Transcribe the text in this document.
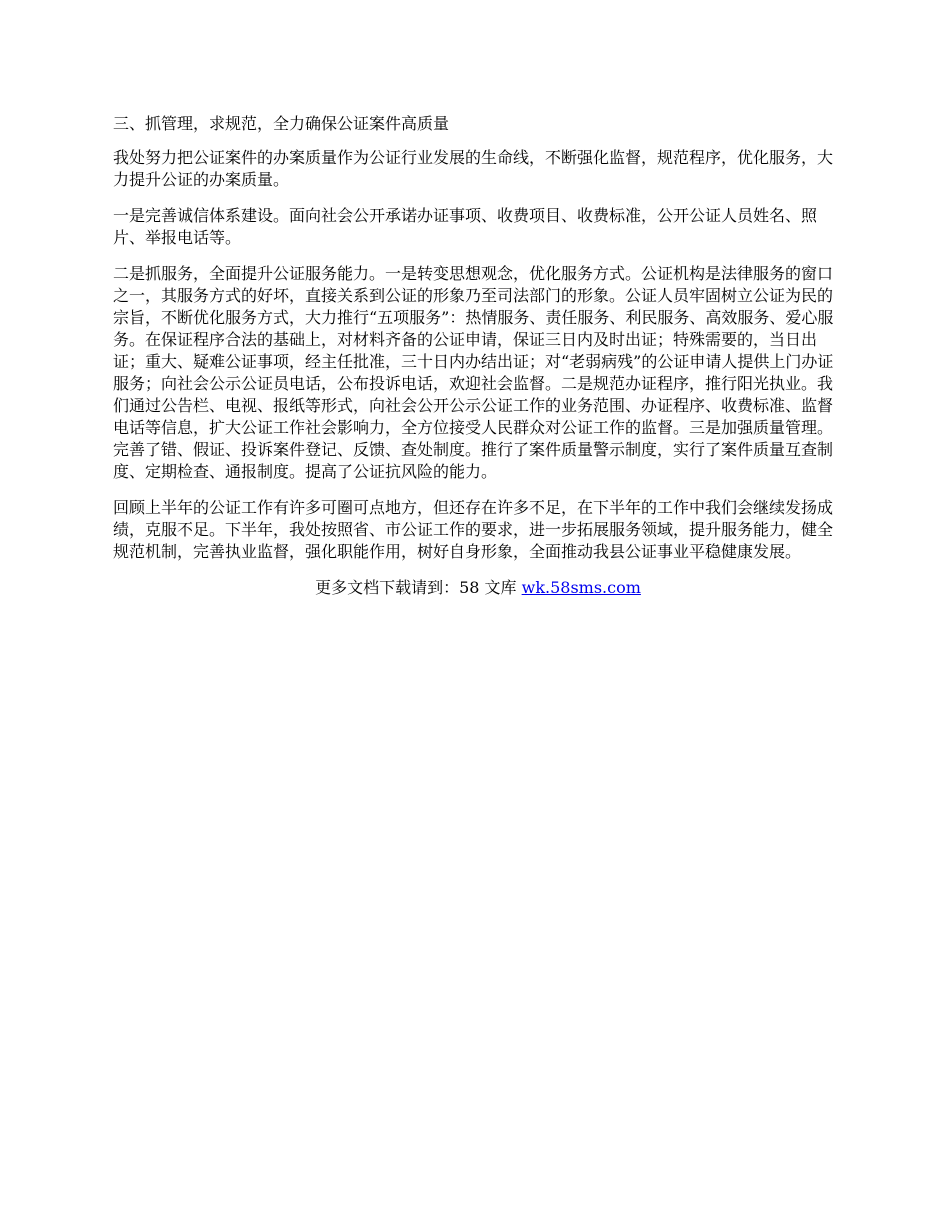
三、抓管理，求规范，全力确保公证案件高质量

我处努力把公证案件的办案质量作为公证行业发展的生命线，不断强化监督，规范程序，优化服务，大力提升公证的办案质量。

一是完善诚信体系建设。面向社会公开承诺办证事项、收费项目、收费标准，公开公证人员姓名、照片、举报电话等。

二是抓服务，全面提升公证服务能力。一是转变思想观念，优化服务方式。公证机构是法律服务的窗口之一，其服务方式的好坏，直接关系到公证的形象乃至司法部门的形象。公证人员牢固树立公证为民的宗旨，不断优化服务方式，大力推行“五项服务”：热情服务、责任服务、利民服务、高效服务、爱心服务。在保证程序合法的基础上，对材料齐备的公证申请，保证三日内及时出证；特殊需要的，当日出证；重大、疑难公证事项，经主任批准，三十日内办结出证；对“老弱病残”的公证申请人提供上门办证服务；向社会公示公证员电话，公布投诉电话，欢迎社会监督。二是规范办证程序，推行阳光执业。我们通过公告栏、电视、报纸等形式，向社会公开公示公证工作的业务范围、办证程序、收费标准、监督电话等信息，扩大公证工作社会影响力，全方位接受人民群众对公证工作的监督。三是加强质量管理。完善了错、假证、投诉案件登记、反馈、查处制度。推行了案件质量警示制度，实行了案件质量互查制度、定期检查、通报制度。提高了公证抗风险的能力。

回顾上半年的公证工作有许多可圈可点地方，但还存在许多不足，在下半年的工作中我们会继续发扬成绩，克服不足。下半年，我处按照省、市公证工作的要求，进一步拓展服务领域，提升服务能力，健全规范机制，完善执业监督，强化职能作用，树好自身形象，全面推动我县公证事业平稳健康发展。

更多文档下载请到：58 文库 wk.58sms.com
